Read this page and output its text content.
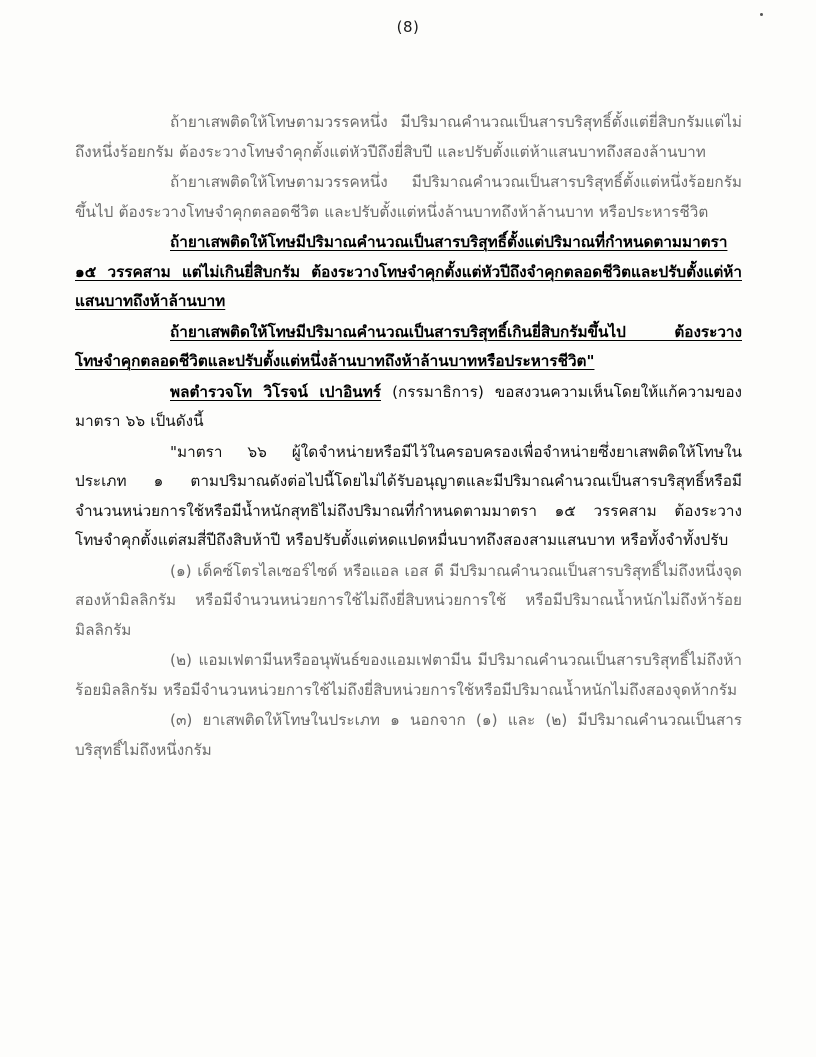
(8)

ถ้ายาเสพติดให้โทษตามวรรคหนึ่ง มีปริมาณคำนวณเป็นสารบริสุทธิ์ตั้งแต่ยี่สิบกรัมแต่ไม่ถึงหนึ่งร้อยกรัม ต้องระวางโทษจำคุกตั้งแต่หัวปีถึงยี่สิบปี และปรับตั้งแต่ห้าแสนบาทถึงสองล้านบาท

ถ้ายาเสพติดให้โทษตามวรรคหนึ่ง มีปริมาณคำนวณเป็นสารบริสุทธิ์ตั้งแต่หนึ่งร้อยกรัมขึ้นไป ต้องระวางโทษจำคุกตลอดชีวิต และปรับตั้งแต่หนึ่งล้านบาทถึงห้าล้านบาท หรือประหารชีวิต

ถ้ายาเสพติดให้โทษมีปริมาณคำนวณเป็นสารบริสุทธิ์ตั้งแต่ปริมาณที่กำหนดตามมาตรา ๑๕ วรรคสาม แต่ไม่เกินยี่สิบกรัม ต้องระวางโทษจำคุกตั้งแต่หัวปีถึงจำคุกตลอดชีวิตและปรับตั้งแต่ห้าแสนบาทถึงห้าล้านบาท

ถ้ายาเสพติดให้โทษมีปริมาณคำนวณเป็นสารบริสุทธิ์เกินยี่สิบกรัมขึ้นไป ต้องระวางโทษจำคุกตลอดชีวิตและปรับตั้งแต่หนึ่งล้านบาทถึงห้าล้านบาทหรือประหารชีวิต"

พลตำรวจโท วิโรจน์ เปาอินทร์ (กรรมาธิการ) ขอสงวนความเห็นโดยให้แก้ความของมาตรา ๖๖ เป็นดังนี้

"มาตรา ๖๖ ผู้ใดจำหน่ายหรือมีไว้ในครอบครองเพื่อจำหน่ายซึ่งยาเสพติดให้โทษในประเภท ๑ ตามปริมาณดังต่อไปนี้โดยไม่ได้รับอนุญาตและมีปริมาณคำนวณเป็นสารบริสุทธิ์หรือมีจำนวนหน่วยการใช้หรือมีน้ำหนักสุทธิไม่ถึงปริมาณที่กำหนดตามมาตรา ๑๕ วรรคสาม ต้องระวางโทษจำคุกตั้งแต่สมสี่ปีถึงสิบห้าปี หรือปรับตั้งแต่หดแปดหมื่นบาทถึงสองสามแสนบาท หรือทั้งจำทั้งปรับ

(๑) เด็คซ์โตรไลเซอร์ไซด์ หรือแอล เอส ดี มีปริมาณคำนวณเป็นสารบริสุทธิ์ไม่ถึงหนึ่งจุดสองห้ามิลลิกรัม หรือมีจำนวนหน่วยการใช้ไม่ถึงยี่สิบหน่วยการใช้ หรือมีปริมาณน้ำหนักไม่ถึงห้าร้อยมิลลิกรัม

(๒) แอมเฟตามีนหรืออนุพันธ์ของแอมเฟตามีน มีปริมาณคำนวณเป็นสารบริสุทธิ์ไม่ถึงห้าร้อยมิลลิกรัม หรือมีจำนวนหน่วยการใช้ไม่ถึงยี่สิบหน่วยการใช้หรือมีปริมาณน้ำหนักไม่ถึงสองจุดห้ากรัม

(๓) ยาเสพติดให้โทษในประเภท ๑ นอกจาก (๑) และ (๒) มีปริมาณคำนวณเป็นสารบริสุทธิ์ไม่ถึงหนึ่งกรัม
